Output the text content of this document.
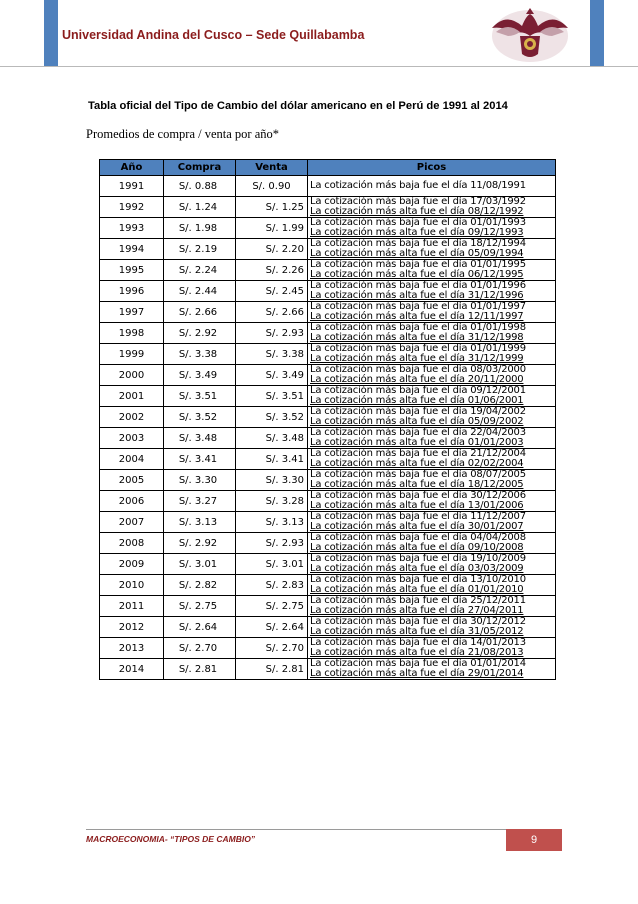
Universidad Andina del Cusco – Sede Quillabamba
Tabla oficial del Tipo de Cambio del dólar americano en el Perú de 1991 al 2014
Promedios de compra / venta por año*
Año	Compra	Venta	Picos
1991	S/. 0.88	S/. 0.90	La cotización más baja fue el día 11/08/1991

1992	S/. 1.24	S/. 1.25	La cotización más baja fue el día 17/03/1992
La cotización más alta fue el día 08/12/1992

1993	S/. 1.98	S/. 1.99	La cotización más baja fue el día 01/01/1993
La cotización más alta fue el día 09/12/1993

1994	S/. 2.19	S/. 2.20	La cotización más baja fue el día 18/12/1994
La cotización más alta fue el día 05/09/1994

1995	S/. 2.24	S/. 2.26	La cotización más baja fue el día 01/01/1995
La cotización más alta fue el día 06/12/1995

1996	S/. 2.44	S/. 2.45	La cotización más baja fue el día 01/01/1996
La cotización más alta fue el día 31/12/1996

1997	S/. 2.66	S/. 2.66	La cotización más baja fue el día 01/01/1997
La cotización más alta fue el día 12/11/1997

1998	S/. 2.92	S/. 2.93	La cotización más baja fue el día 01/01/1998
La cotización más alta fue el día 31/12/1998

1999	S/. 3.38	S/. 3.38	La cotización más baja fue el día 01/01/1999
La cotización más alta fue el día 31/12/1999

2000	S/. 3.49	S/. 3.49	La cotización más baja fue el día 08/03/2000
La cotización más alta fue el día 20/11/2000

2001	S/. 3.51	S/. 3.51	La cotización más baja fue el día 09/12/2001
La cotización más alta fue el día 01/06/2001

2002	S/. 3.52	S/. 3.52	La cotización más baja fue el día 19/04/2002
La cotización más alta fue el día 05/09/2002

2003	S/. 3.48	S/. 3.48	La cotización más baja fue el día 22/04/2003
La cotización más alta fue el día 01/01/2003

2004	S/. 3.41	S/. 3.41	La cotización más baja fue el día 21/12/2004
La cotización más alta fue el día 02/02/2004

2005	S/. 3.30	S/. 3.30	La cotización más baja fue el día 08/07/2005
La cotización más alta fue el día 18/12/2005

2006	S/. 3.27	S/. 3.28	La cotización más baja fue el día 30/12/2006
La cotización más alta fue el día 13/01/2006

2007	S/. 3.13	S/. 3.13	La cotización más baja fue el día 11/12/2007
La cotización más alta fue el día 30/01/2007

2008	S/. 2.92	S/. 2.93	La cotización más baja fue el día 04/04/2008
La cotización más alta fue el día 09/10/2008

2009	S/. 3.01	S/. 3.01	La cotización más baja fue el día 19/10/2009
La cotización más alta fue el día 03/03/2009

2010	S/. 2.82	S/. 2.83	La cotización más baja fue el día 13/10/2010
La cotización más alta fue el día 01/01/2010

2011	S/. 2.75	S/. 2.75	La cotización más baja fue el día 25/12/2011
La cotización más alta fue el día 27/04/2011

2012	S/. 2.64	S/. 2.64	La cotización más baja fue el día 30/12/2012
La cotización más alta fue el día 31/05/2012

2013	S/. 2.70	S/. 2.70	La cotización más baja fue el día 14/01/2013
La cotización más alta fue el día 21/08/2013

2014	S/. 2.81	S/. 2.81	La cotización más baja fue el día 01/01/2014
La cotización más alta fue el día 29/01/2014
MACROECONOMIA- “TIPOS DE CAMBIO”	9
